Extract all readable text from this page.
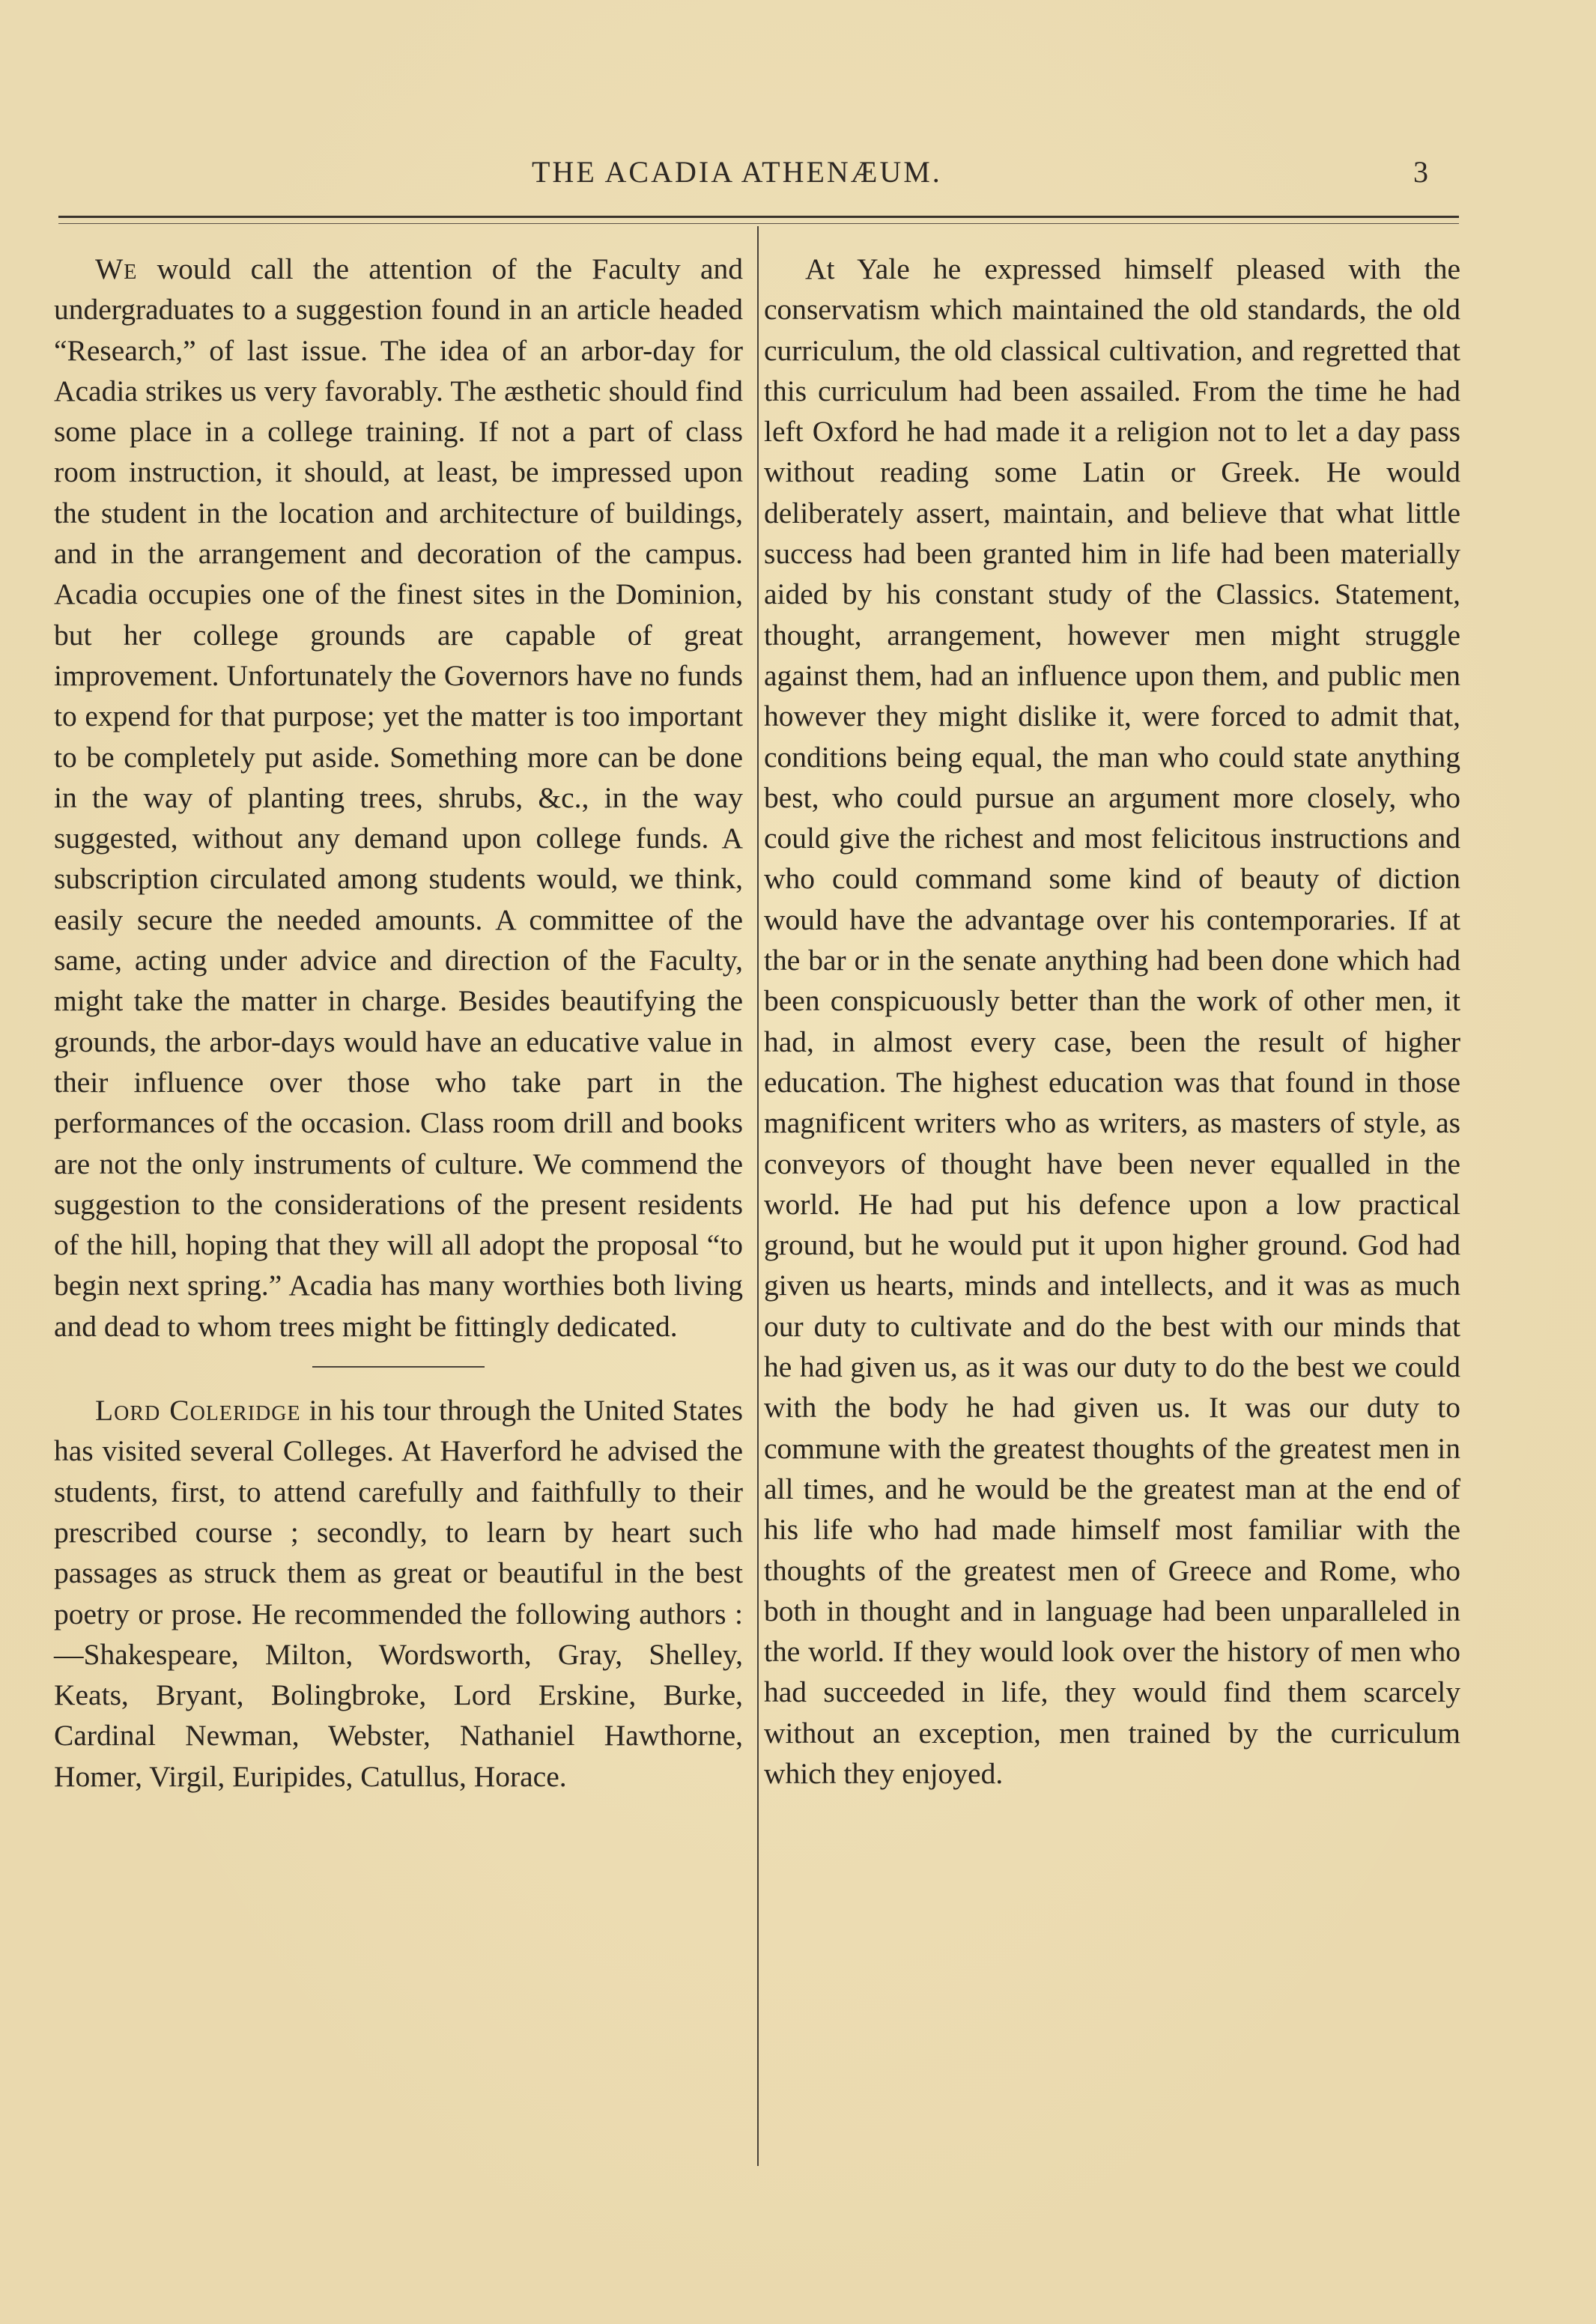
THE ACADIA ATHENÆUM.	3

We would call the attention of the Faculty and undergraduates to a suggestion found in an article headed “Research,” of last issue. The idea of an arbor-day for Acadia strikes us very favorably. The æsthetic should find some place in a college training. If not a part of class room instruction, it should, at least, be impressed upon the student in the location and architecture of buildings, and in the arrangement and decoration of the campus. Acadia occupies one of the finest sites in the Dominion, but her college grounds are capable of great improvement. Unfortunately the Governors have no funds to expend for that purpose; yet the matter is too important to be completely put aside. Something more can be done in the way of planting trees, shrubs, &c., in the way suggested, without any demand upon college funds. A subscription circulated among students would, we think, easily secure the needed amounts. A committee of the same, acting under advice and direction of the Faculty, might take the matter in charge. Besides beautifying the grounds, the arbor-days would have an educative value in their influence over those who take part in the performances of the occasion. Class room drill and books are not the only instruments of culture. We commend the suggestion to the considerations of the present residents of the hill, hoping that they will all adopt the proposal “to begin next spring.” Acadia has many worthies both living and dead to whom trees might be fittingly dedicated.

Lord Coleridge in his tour through the United States has visited several Colleges. At Haverford he advised the students, first, to attend carefully and faithfully to their prescribed course ; secondly, to learn by heart such passages as struck them as great or beautiful in the best poetry or prose. He recommended the following authors :—Shakespeare, Milton, Wordsworth, Gray, Shelley, Keats, Bryant, Bolingbroke, Lord Erskine, Burke, Cardinal Newman, Webster, Nathaniel Hawthorne, Homer, Virgil, Euripides, Catullus, Horace.

At Yale he expressed himself pleased with the conservatism which maintained the old standards, the old curriculum, the old classical cultivation, and regretted that this curriculum had been assailed. From the time he had left Oxford he had made it a religion not to let a day pass without reading some Latin or Greek. He would deliberately assert, maintain, and believe that what little success had been granted him in life had been materially aided by his constant study of the Classics. Statement, thought, arrangement, however men might struggle against them, had an influence upon them, and public men however they might dislike it, were forced to admit that, conditions being equal, the man who could state anything best, who could pursue an argument more closely, who could give the richest and most felicitous instructions and who could command some kind of beauty of diction would have the advantage over his contemporaries. If at the bar or in the senate anything had been done which had been conspicuously better than the work of other men, it had, in almost every case, been the result of higher education. The highest education was that found in those magnificent writers who as writers, as masters of style, as conveyors of thought have been never equalled in the world. He had put his defence upon a low practical ground, but he would put it upon higher ground. God had given us hearts, minds and intellects, and it was as much our duty to cultivate and do the best with our minds that he had given us, as it was our duty to do the best we could with the body he had given us. It was our duty to commune with the greatest thoughts of the greatest men in all times, and he would be the greatest man at the end of his life who had made himself most familiar with the thoughts of the greatest men of Greece and Rome, who both in thought and in language had been unparalleled in the world. If they would look over the history of men who had succeeded in life, they would find them scarcely without an exception, men trained by the curriculum which they enjoyed.
